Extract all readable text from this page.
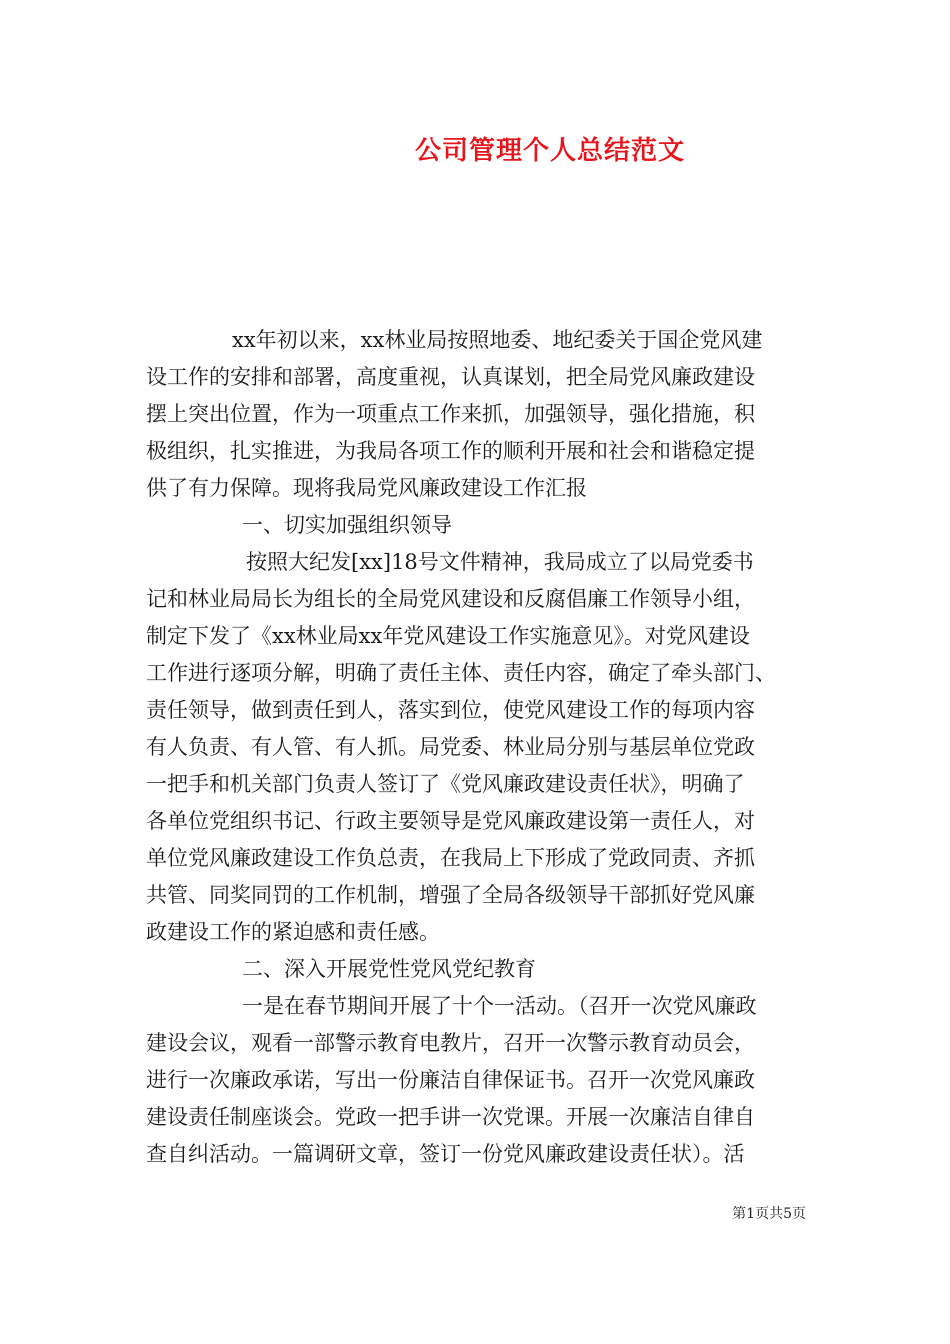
公司管理个人总结范文
xx年初以来，xx林业局按照地委、地纪委关于国企党风建
设工作的安排和部署，高度重视，认真谋划，把全局党风廉政建设
摆上突出位置，作为一项重点工作来抓，加强领导，强化措施，积
极组织，扎实推进，为我局各项工作的顺利开展和社会和谐稳定提
供了有力保障。现将我局党风廉政建设工作汇报
一、切实加强组织领导
按照大纪发[xx]18号文件精神，我局成立了以局党委书
记和林业局局长为组长的全局党风建设和反腐倡廉工作领导小组，
制定下发了《xx林业局xx年党风建设工作实施意见》。对党风建设
工作进行逐项分解，明确了责任主体、责任内容，确定了牵头部门、
责任领导，做到责任到人，落实到位，使党风建设工作的每项内容
有人负责、有人管、有人抓。局党委、林业局分别与基层单位党政
一把手和机关部门负责人签订了《党风廉政建设责任状》，明确了
各单位党组织书记、行政主要领导是党风廉政建设第一责任人，对
单位党风廉政建设工作负总责，在我局上下形成了党政同责、齐抓
共管、同奖同罚的工作机制，增强了全局各级领导干部抓好党风廉
政建设工作的紧迫感和责任感。
二、深入开展党性党风党纪教育
一是在春节期间开展了十个一活动。（召开一次党风廉政
建设会议，观看一部警示教育电教片，召开一次警示教育动员会，
进行一次廉政承诺，写出一份廉洁自律保证书。召开一次党风廉政
建设责任制座谈会。党政一把手讲一次党课。开展一次廉洁自律自
查自纠活动。一篇调研文章，签订一份党风廉政建设责任状）。活
第1页共5页
